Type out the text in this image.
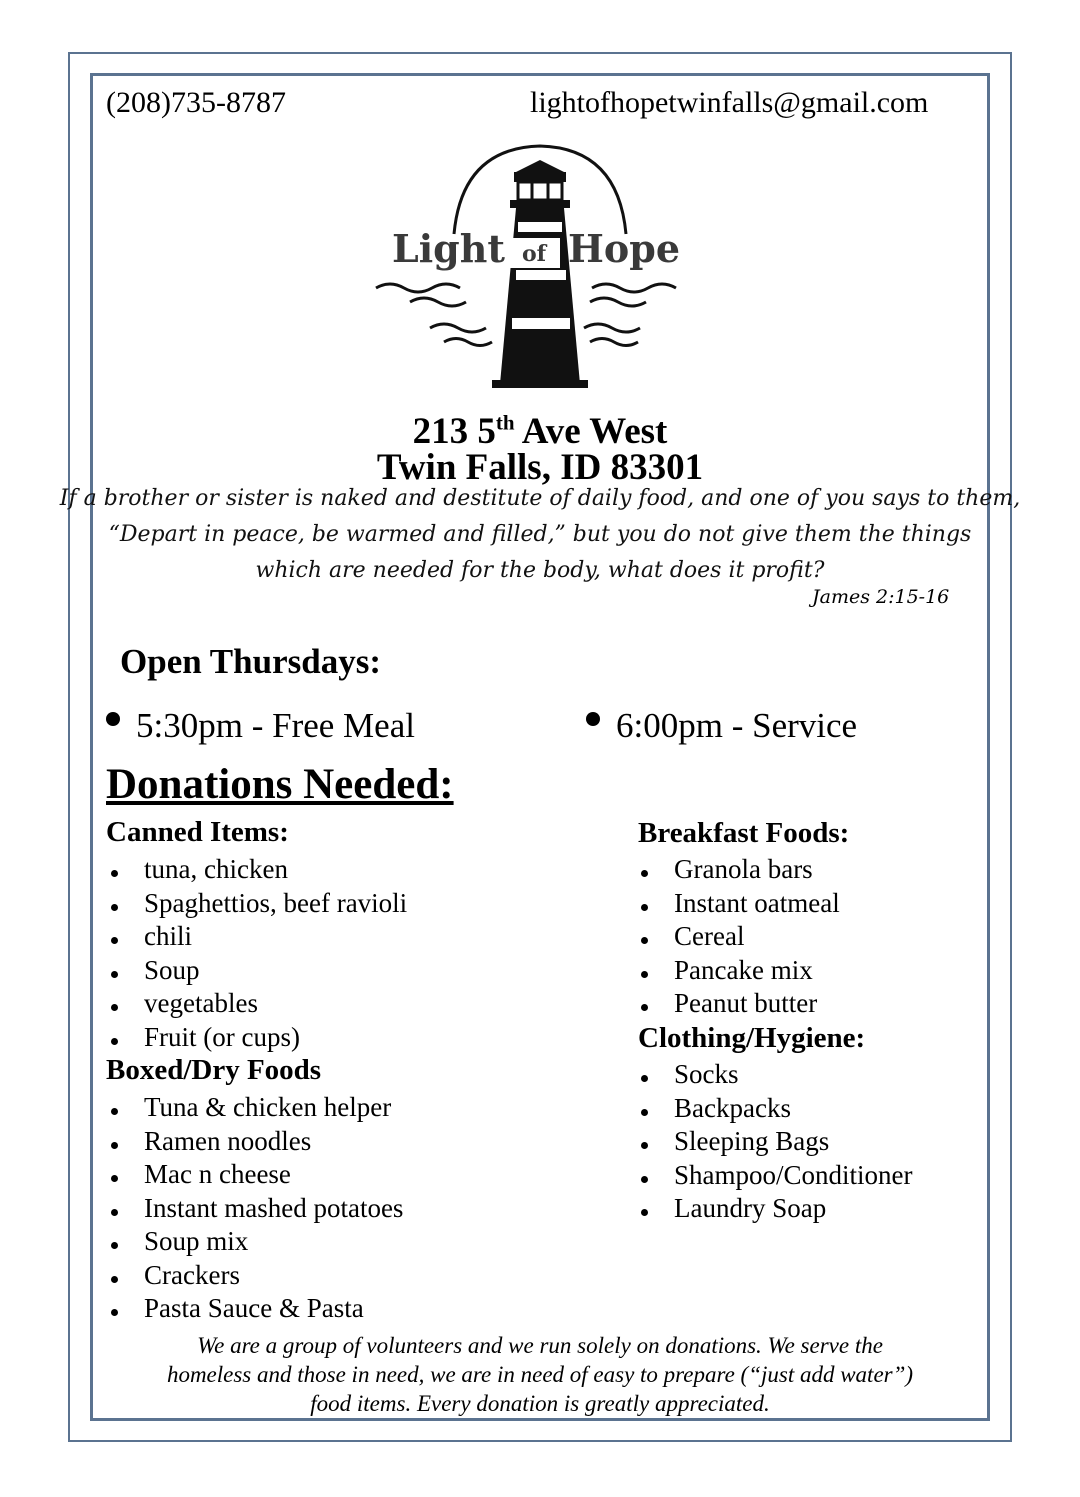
(208)735-8787	lightofhopetwinfalls@gmail.com
Light of Hope
213 5th Ave West
Twin Falls, ID 83301
If a brother or sister is naked and destitute of daily food, and one of you says to them,
“Depart in peace, be warmed and filled,” but you do not give them the things
which are needed for the body, what does it profit?
James 2:15-16
Open Thursdays:
5:30pm - Free Meal	6:00pm - Service
Donations Needed:
Canned Items:
tuna, chicken
Spaghettios, beef ravioli
chili
Soup
vegetables
Fruit (or cups)
Boxed/Dry Foods
Tuna & chicken helper
Ramen noodles
Mac n cheese
Instant mashed potatoes
Soup mix
Crackers
Pasta Sauce & Pasta
Breakfast Foods:
Granola bars
Instant oatmeal
Cereal
Pancake mix
Peanut butter
Clothing/Hygiene:
Socks
Backpacks
Sleeping Bags
Shampoo/Conditioner
Laundry Soap
We are a group of volunteers and we run solely on donations. We serve the
homeless and those in need, we are in need of easy to prepare (“just add water”)
food items. Every donation is greatly appreciated.
